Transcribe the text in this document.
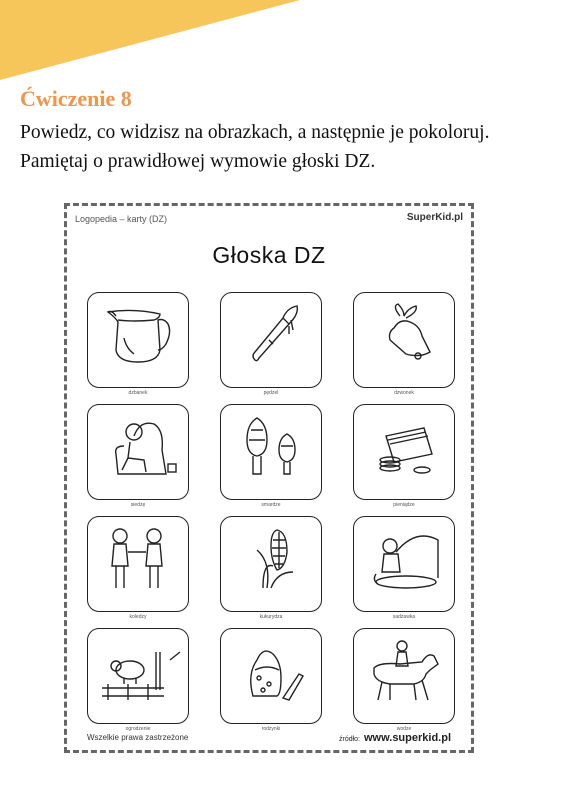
Ćwiczenie 8
Powiedz, co widzisz na obrazkach, a następnie je pokoloruj. Pamiętaj o prawidłowej wymowie głoski DZ.
Logopedia – karty (DZ)	SuperKid.pl
Głoska DZ
dzbanek	pędzel	dzwonek
siedzę	smardze	pieniądze
koledzy	kukurydza	sadzawka
ogrodzenie	rodzynki	wodze
Wszelkie prawa zastrzeżone	źródło: www.superkid.pl
